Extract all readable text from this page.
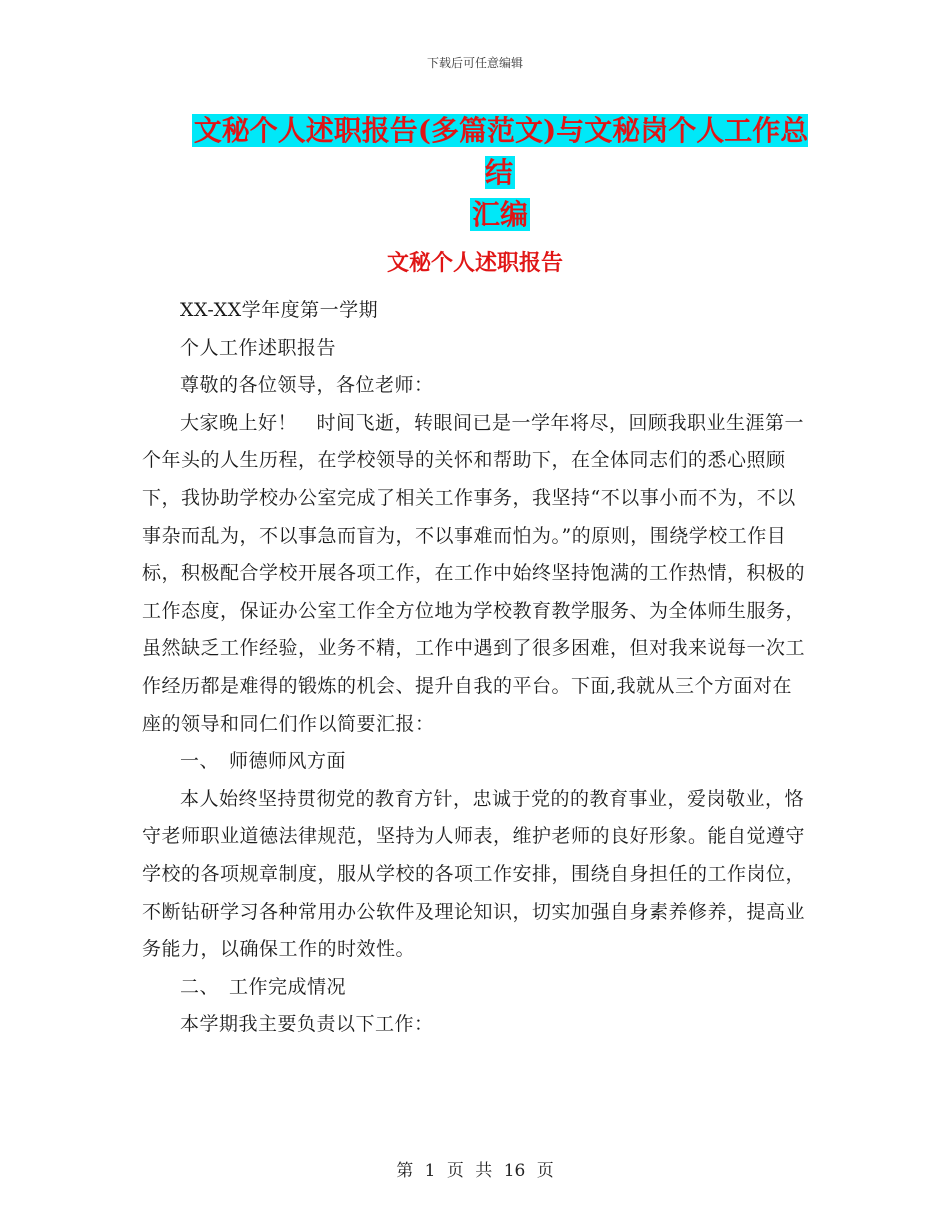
下载后可任意编辑
文秘个人述职报告(多篇范文)与文秘岗个人工作总结
汇编
文秘个人述职报告

XX-XX学年度第一学期

个人工作述职报告

尊敬的各位领导，各位老师：

大家晚上好！　时间飞逝，转眼间已是一学年将尽，回顾我职业生涯第一个年头的人生历程，在学校领导的关怀和帮助下，在全体同志们的悉心照顾下，我协助学校办公室完成了相关工作事务，我坚持“不以事小而不为，不以事杂而乱为，不以事急而盲为，不以事难而怕为。”的原则，围绕学校工作目标，积极配合学校开展各项工作，在工作中始终坚持饱满的工作热情，积极的工作态度，保证办公室工作全方位地为学校教育教学服务、为全体师生服务，虽然缺乏工作经验，业务不精，工作中遇到了很多困难，但对我来说每一次工作经历都是难得的锻炼的机会、提升自我的平台。下面,我就从三个方面对在座的领导和同仁们作以简要汇报：

一、　师德师风方面

本人始终坚持贯彻党的教育方针，忠诚于党的的教育事业，爱岗敬业，恪守老师职业道德法律规范，坚持为人师表，维护老师的良好形象。能自觉遵守学校的各项规章制度，服从学校的各项工作安排，围绕自身担任的工作岗位，不断钻研学习各种常用办公软件及理论知识，切实加强自身素养修养，提高业务能力，以确保工作的时效性。

二、　工作完成情况

本学期我主要负责以下工作：

第 1 页 共 16 页
